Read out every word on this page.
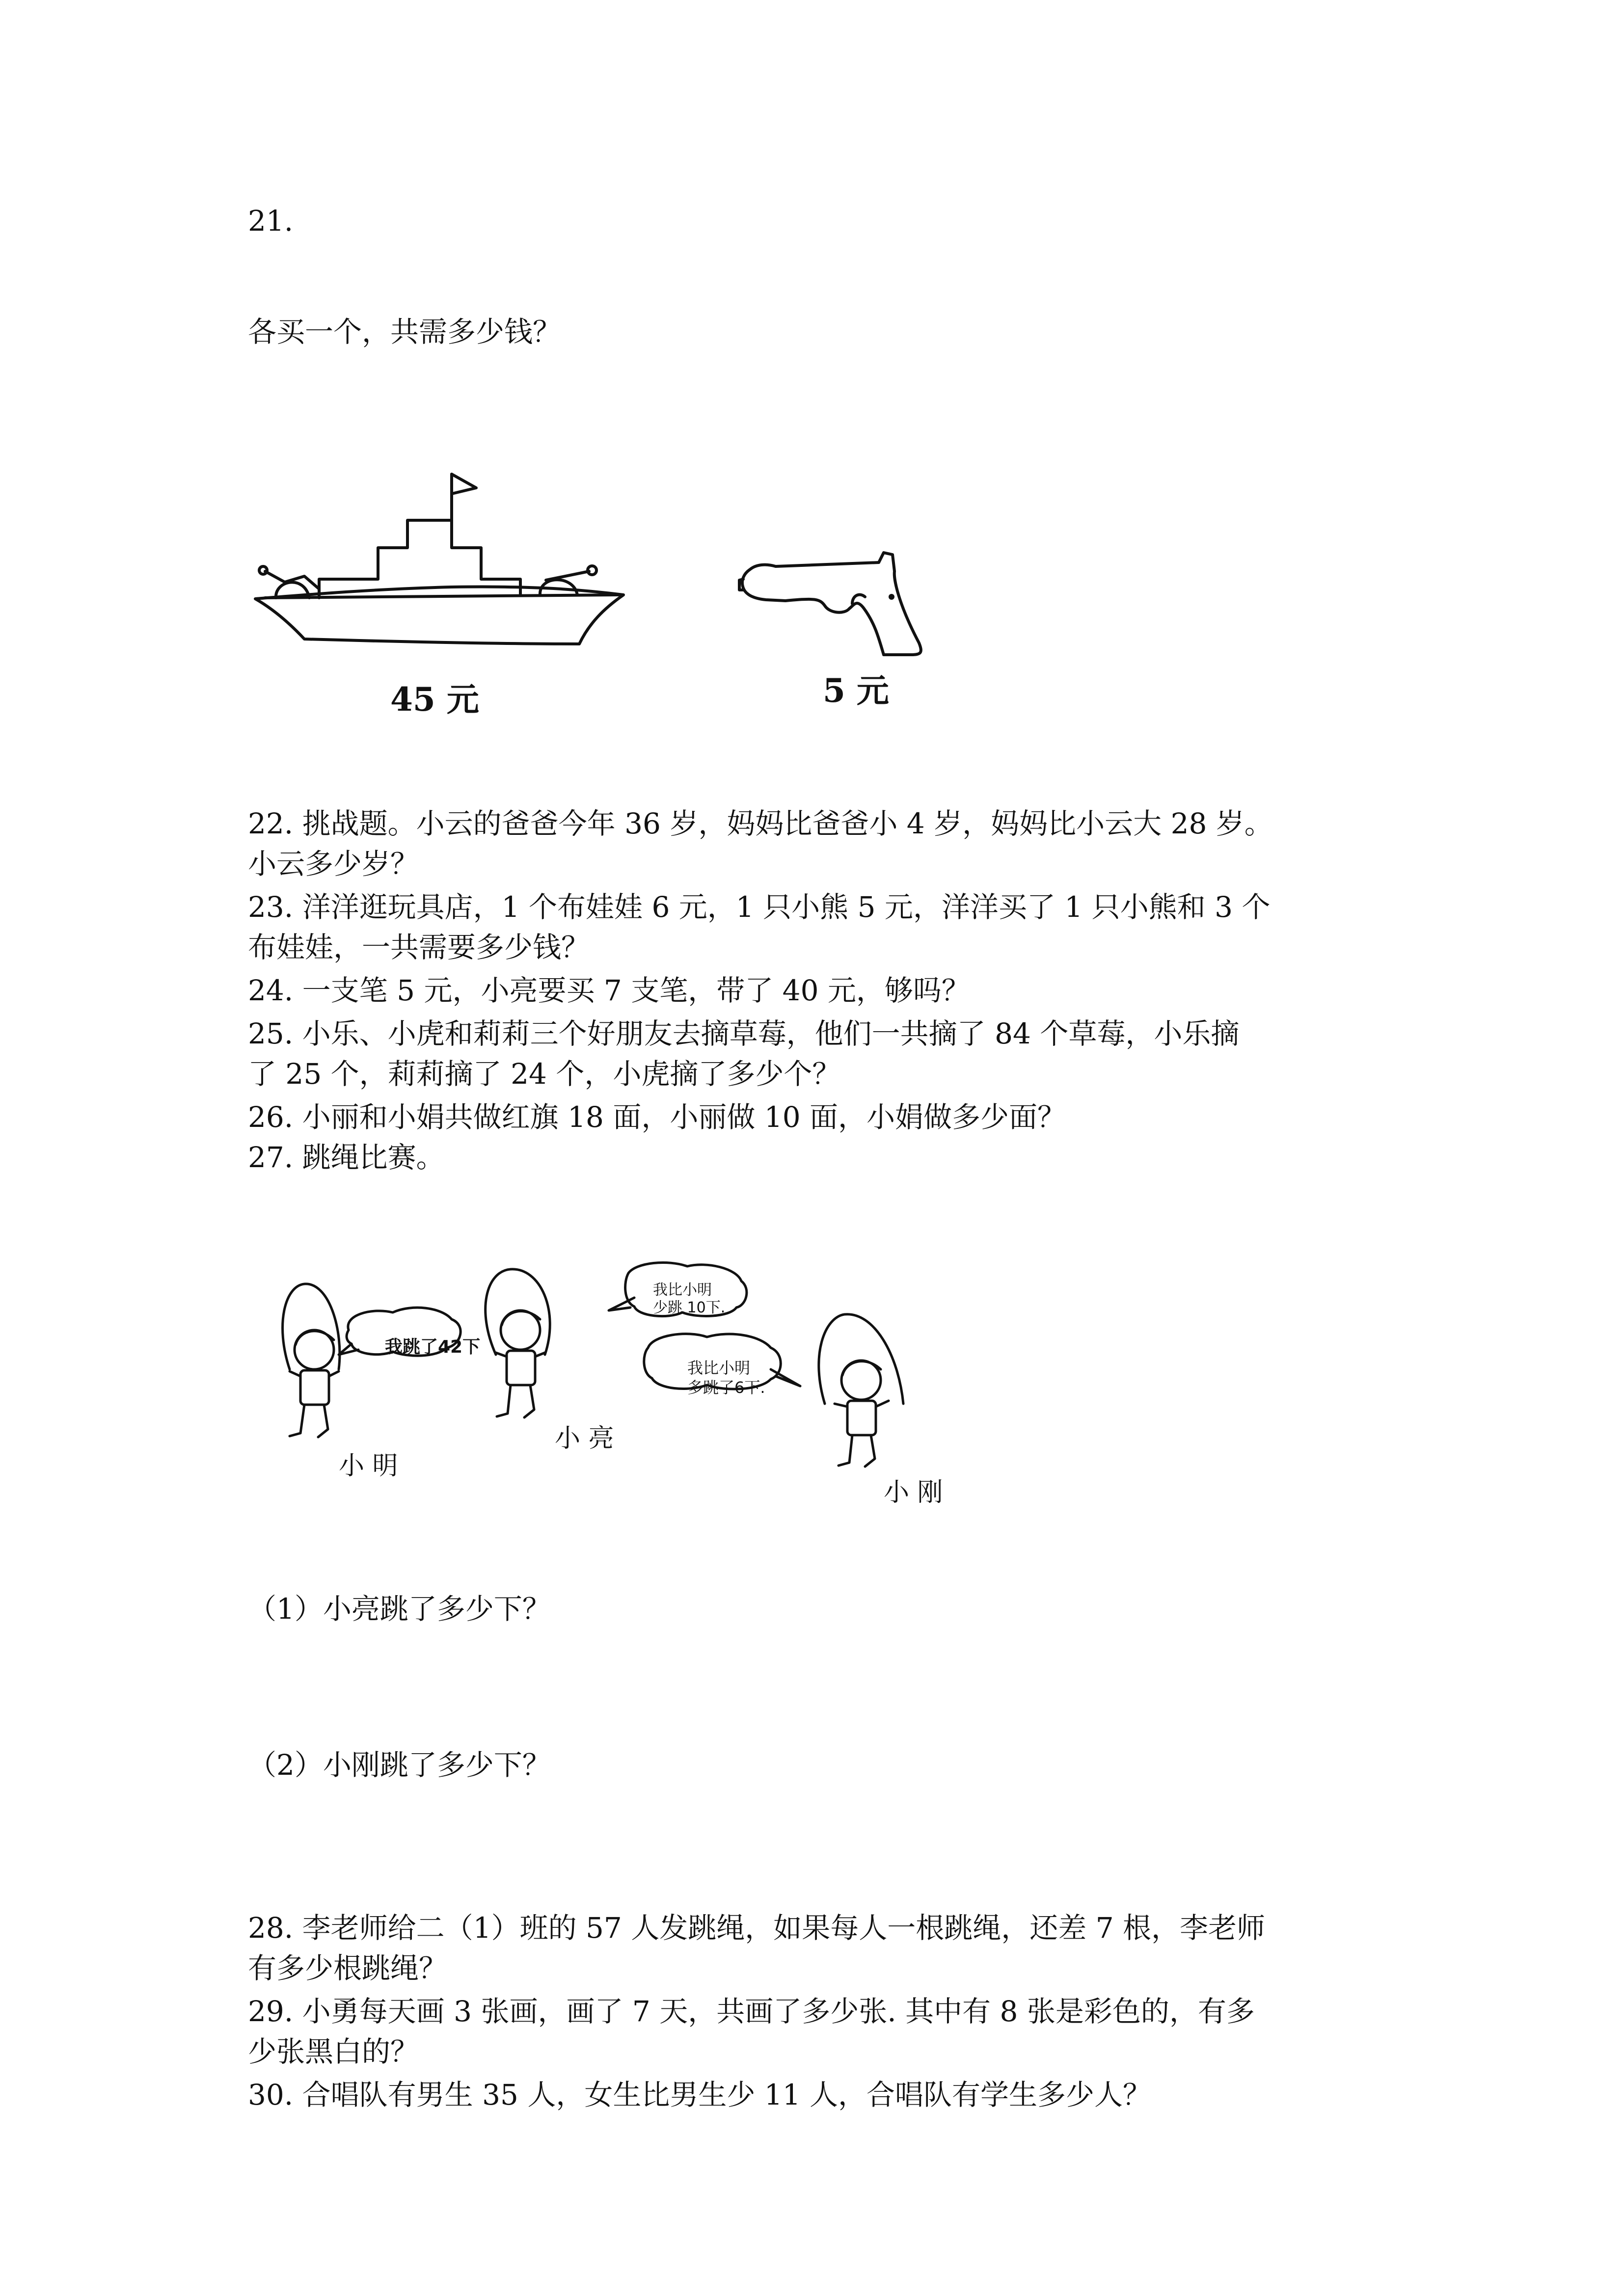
21.
各买一个，共需多少钱？
45 元	5 元
22. 挑战题。小云的爸爸今年 36 岁，妈妈比爸爸小 4 岁，妈妈比小云大 28 岁。
小云多少岁？
23. 洋洋逛玩具店，1 个布娃娃 6 元，1 只小熊 5 元，洋洋买了 1 只小熊和 3 个
布娃娃，一共需要多少钱？
24. 一支笔 5 元，小亮要买 7 支笔，带了 40 元，够吗？
25. 小乐、小虎和莉莉三个好朋友去摘草莓，他们一共摘了 84 个草莓，小乐摘
了 25 个，莉莉摘了 24 个，小虎摘了多少个？
26. 小丽和小娟共做红旗 18 面，小丽做 10 面，小娟做多少面？
27. 跳绳比赛。
我跳了42下
我比小明
少跳 10下.
我比小明
多跳了6下.
小 明
小 亮
小 刚
（1）小亮跳了多少下？
（2）小刚跳了多少下？
28. 李老师给二（1）班的 57 人发跳绳，如果每人一根跳绳，还差 7 根，李老师
有多少根跳绳？
29. 小勇每天画 3 张画，画了 7 天，共画了多少张. 其中有 8 张是彩色的，有多
少张黑白的？
30. 合唱队有男生 35 人，女生比男生少 11 人，合唱队有学生多少人？
